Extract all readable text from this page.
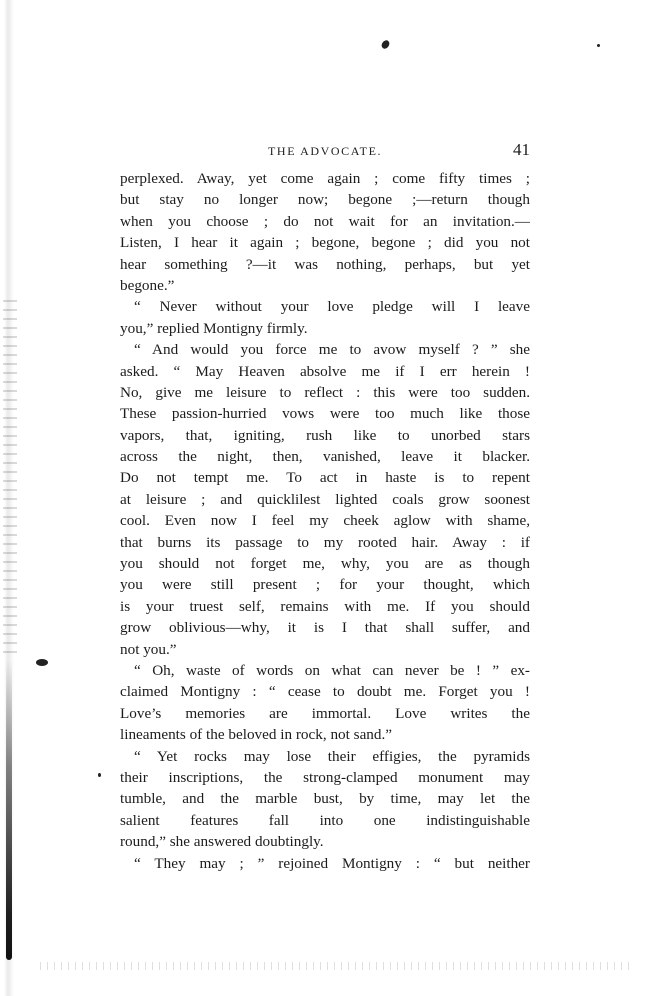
THE ADVOCATE.	41
perplexed. Away, yet come again ; come fifty times ;
but stay no longer now; begone ;—return though
when you choose ; do not wait for an invitation.—
Listen, I hear it again ; begone, begone ; did you not
hear something ?—it was nothing, perhaps, but yet
begone.”
“ Never without your love pledge will I leave
you,” replied Montigny firmly.
“ And would you force me to avow myself ? ” she
asked. “ May Heaven absolve me if I err herein !
No, give me leisure to reflect : this were too sudden.
These passion-hurried vows were too much like those
vapors, that, igniting, rush like to unorbed stars
across the night, then, vanished, leave it blacker.
Do not tempt me. To act in haste is to repent
at leisure ; and quicklilest lighted coals grow soonest
cool. Even now I feel my cheek aglow with shame,
that burns its passage to my rooted hair. Away : if
you should not forget me, why, you are as though
you were still present ; for your thought, which
is your truest self, remains with me. If you should
grow oblivious—why, it is I that shall suffer, and
not you.”
“ Oh, waste of words on what can never be ! ” ex-
claimed Montigny : “ cease to doubt me. Forget you !
Love’s memories are immortal. Love writes the
lineaments of the beloved in rock, not sand.”
“ Yet rocks may lose their effigies, the pyramids
their inscriptions, the strong-clamped monument may
tumble, and the marble bust, by time, may let the
salient features fall into one indistinguishable
round,” she answered doubtingly.
“ They may ; ” rejoined Montigny : “ but neither
